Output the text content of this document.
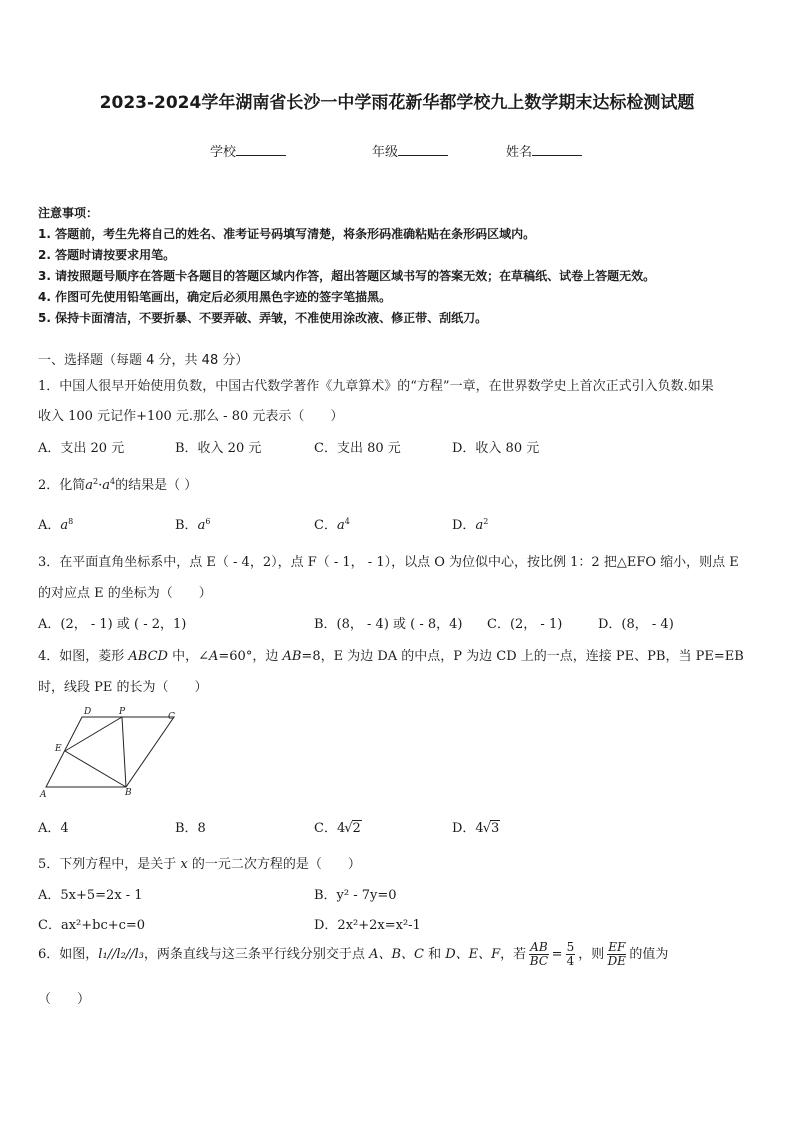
2023-2024学年湖南省长沙一中学雨花新华都学校九上数学期末达标检测试题
学校	年级	姓名
注意事项：
1. 答题前，考生先将自己的姓名、准考证号码填写清楚，将条形码准确粘贴在条形码区域内。
2. 答题时请按要求用笔。
3. 请按照题号顺序在答题卡各题目的答题区域内作答，超出答题区域书写的答案无效；在草稿纸、试卷上答题无效。
4. 作图可先使用铅笔画出，确定后必须用黑色字迹的签字笔描黑。
5. 保持卡面清洁，不要折暴、不要弄破、弄皱，不准使用涂改液、修正带、刮纸刀。
一、选择题（每题 4 分，共 48 分）
1．中国人很早开始使用负数，中国古代数学著作《九章算术》的“方程”一章，在世界数学史上首次正式引入负数.如果
收入 100 元记作+100 元.那么 - 80 元表示（　　）
A．支出 20 元	B．收入 20 元	C．支出 80 元	D．收入 80 元
2．化简$a^2\cdot a^4$的结果是（ ）
A．$a^8$	B．$a^6$	C．$a^4$	D．$a^2$
3．在平面直角坐标系中，点 E（ - 4，2），点 F（ - 1， - 1），以点 O 为位似中心，按比例 1：2 把△EFO 缩小，则点 E
的对应点 E 的坐标为（　　）
A．(2， - 1) 或 ( - 2，1)	B．(8， - 4) 或 ( - 8，4) C．(2， - 1)	D．(8， - 4)
4．如图，菱形 ABCD 中，∠A=60°，边 AB=8，E 为边 DA 的中点，P 为边 CD 上的一点，连接 PE、PB，当 PE=EB
时，线段 PE 的长为（　　）
D	P	C
E
A	B
A．4	B．8	C．4√2	D．4√3
5．下列方程中，是关于 x 的一元二次方程的是（　　）
A．5x+5=2x - 1	B．y² - 7y=0
C．ax²+bc+c=0	D．2x²+2x=x²-1
6．如图，l₁//l₂//l₃，两条直线与这三条平行线分别交于点 A、B、C 和 D、E、F，若 $\frac{AB}{BC} = \frac{5}{4}$ ，则 $\frac{EF}{DE}$ 的值为
（　　）
